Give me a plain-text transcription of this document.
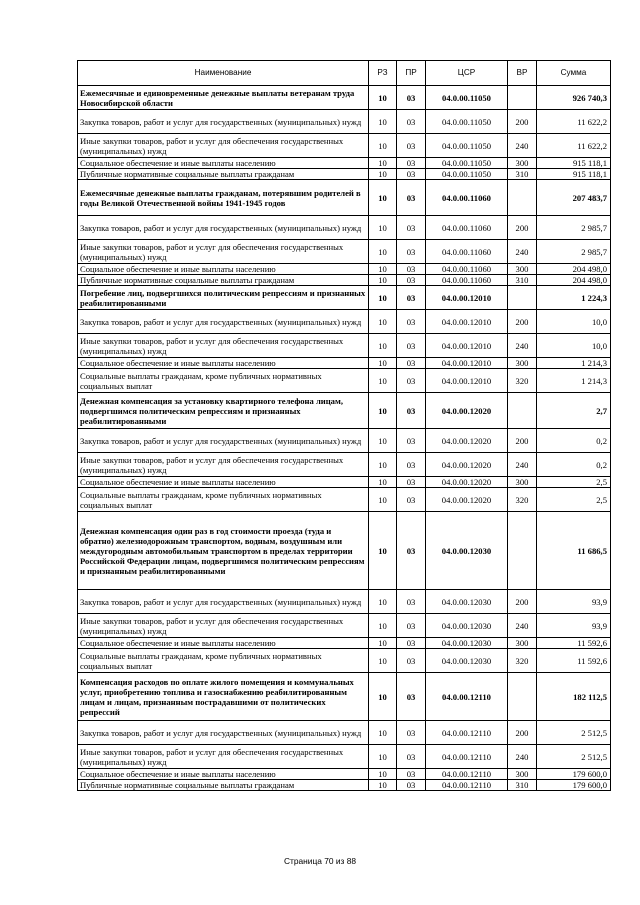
Наименование	РЗ	ПР	ЦСР	ВР	Сумма
Ежемесячные и единовременные денежные выплаты ветеранам труда Новосибирской области	10	03	04.0.00.11050		926 740,3
Закупка товаров, работ и услуг для государственных (муниципальных) нужд	10	03	04.0.00.11050	200	11 622,2
Иные закупки товаров, работ и услуг для обеспечения государственных (муниципальных) нужд	10	03	04.0.00.11050	240	11 622,2
Социальное обеспечение и иные выплаты населению	10	03	04.0.00.11050	300	915 118,1
Публичные нормативные социальные выплаты гражданам	10	03	04.0.00.11050	310	915 118,1
Ежемесячные денежные выплаты гражданам, потерявшим родителей в годы Великой Отечественной войны 1941-1945 годов	10	03	04.0.00.11060		207 483,7
Закупка товаров, работ и услуг для государственных (муниципальных) нужд	10	03	04.0.00.11060	200	2 985,7
Иные закупки товаров, работ и услуг для обеспечения государственных (муниципальных) нужд	10	03	04.0.00.11060	240	2 985,7
Социальное обеспечение и иные выплаты населению	10	03	04.0.00.11060	300	204 498,0
Публичные нормативные социальные выплаты гражданам	10	03	04.0.00.11060	310	204 498,0
Погребение лиц, подвергшихся политическим репрессиям и признанных реабилитированными	10	03	04.0.00.12010		1 224,3
Закупка товаров, работ и услуг для государственных (муниципальных) нужд	10	03	04.0.00.12010	200	10,0
Иные закупки товаров, работ и услуг для обеспечения государственных (муниципальных) нужд	10	03	04.0.00.12010	240	10,0
Социальное обеспечение и иные выплаты населению	10	03	04.0.00.12010	300	1 214,3
Социальные выплаты гражданам, кроме публичных нормативных социальных выплат	10	03	04.0.00.12010	320	1 214,3
Денежная компенсация за установку квартирного телефона лицам, подвергшимся политическим репрессиям и признанных реабилитированными	10	03	04.0.00.12020		2,7
Закупка товаров, работ и услуг для государственных (муниципальных) нужд	10	03	04.0.00.12020	200	0,2
Иные закупки товаров, работ и услуг для обеспечения государственных (муниципальных) нужд	10	03	04.0.00.12020	240	0,2
Социальное обеспечение и иные выплаты населению	10	03	04.0.00.12020	300	2,5
Социальные выплаты гражданам, кроме публичных нормативных социальных выплат	10	03	04.0.00.12020	320	2,5
Денежная компенсация один раз в год стоимости проезда (туда и обратно) железнодорожным транспортом, водным, воздушным или междугородным автомобильным транспортом в пределах территории Российской Федерации лицам, подвергшимся политическим репрессиям и признанным реабилитированными	10	03	04.0.00.12030		11 686,5
Закупка товаров, работ и услуг для государственных (муниципальных) нужд	10	03	04.0.00.12030	200	93,9
Иные закупки товаров, работ и услуг для обеспечения государственных (муниципальных) нужд	10	03	04.0.00.12030	240	93,9
Социальное обеспечение и иные выплаты населению	10	03	04.0.00.12030	300	11 592,6
Социальные выплаты гражданам, кроме публичных нормативных социальных выплат	10	03	04.0.00.12030	320	11 592,6
Компенсация расходов по оплате жилого помещения и коммунальных услуг, приобретению топлива и газоснабжению реабилитированным лицам и лицам, признанным пострадавшими от политических репрессий	10	03	04.0.00.12110		182 112,5
Закупка товаров, работ и услуг для государственных (муниципальных) нужд	10	03	04.0.00.12110	200	2 512,5
Иные закупки товаров, работ и услуг для обеспечения государственных (муниципальных) нужд	10	03	04.0.00.12110	240	2 512,5
Социальное обеспечение и иные выплаты населению	10	03	04.0.00.12110	300	179 600,0
Публичные нормативные социальные выплаты гражданам	10	03	04.0.00.12110	310	179 600,0
Страница 70 из 88
